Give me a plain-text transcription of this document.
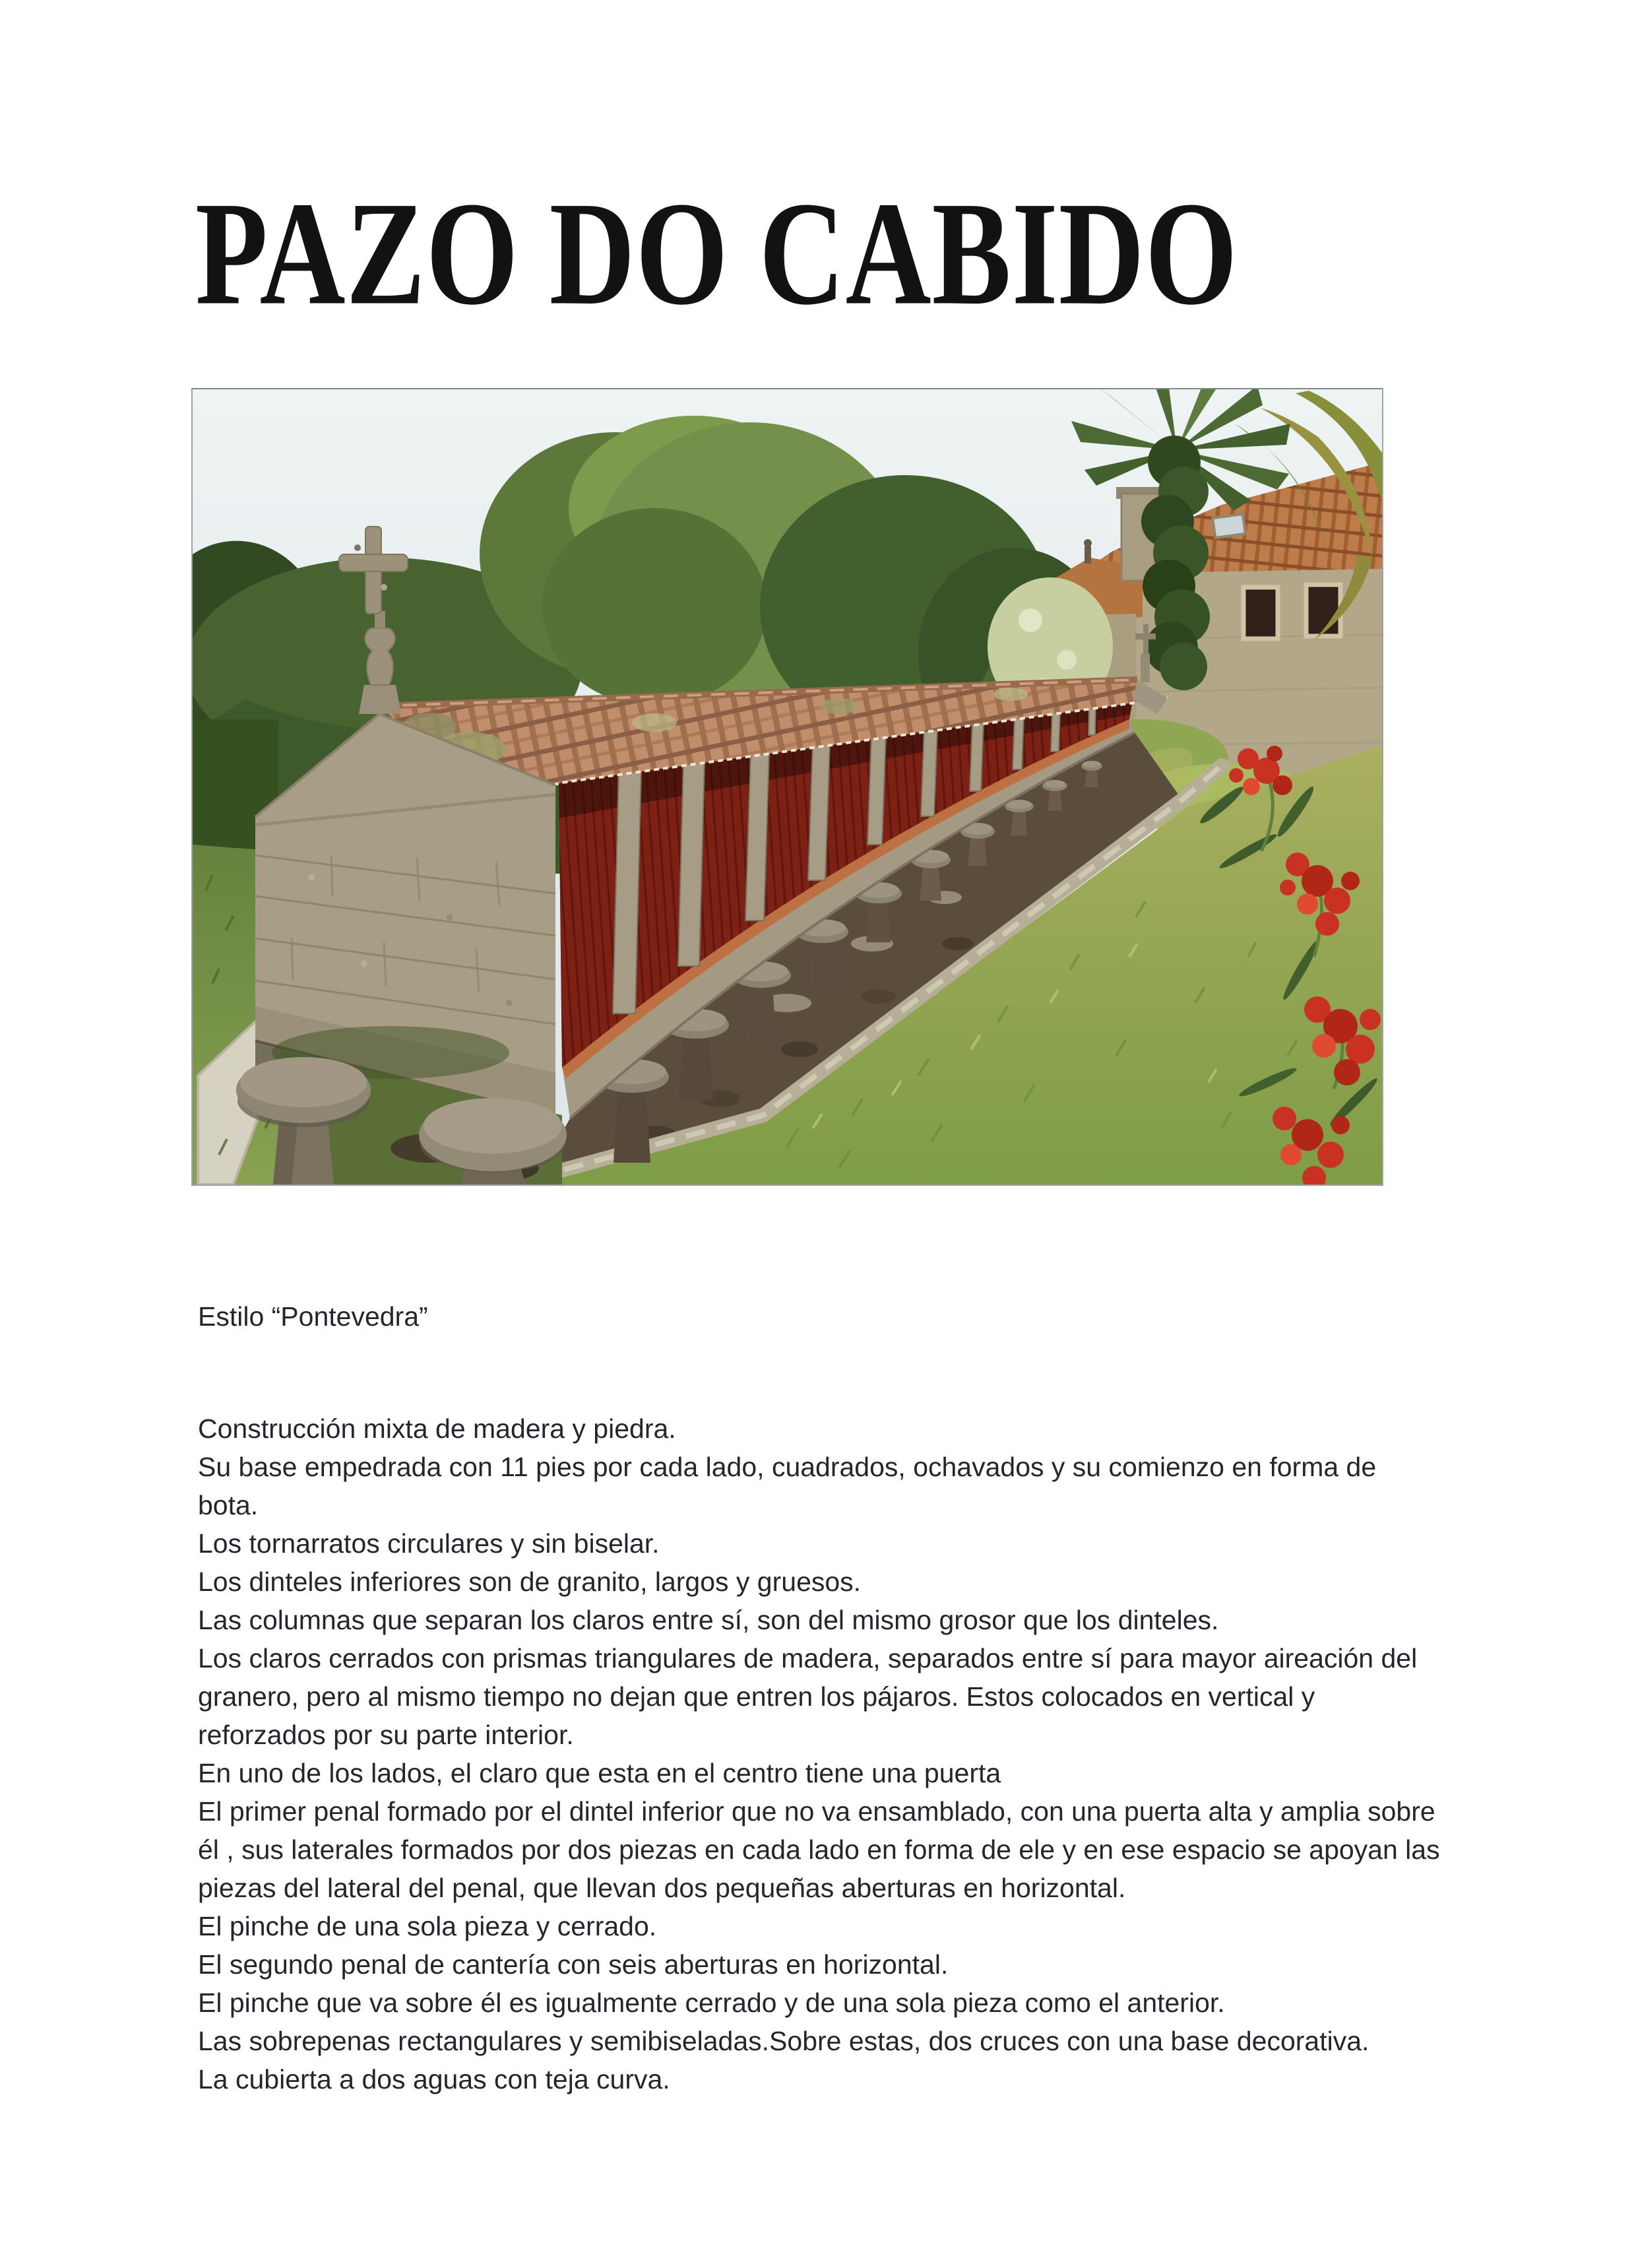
PAZO DO CABIDO

Estilo “Pontevedra”

Construcción mixta de madera y piedra.
Su base empedrada con 11 pies por cada lado, cuadrados, ochavados y su comienzo en forma de
bota.
Los tornarratos circulares y sin biselar.
Los dinteles inferiores son de granito, largos y gruesos.
Las columnas que separan los claros entre sí, son del mismo grosor que los dinteles.
Los claros cerrados con prismas triangulares de madera, separados entre sí para mayor aireación del
granero, pero al mismo tiempo no dejan que entren los pájaros. Estos colocados en vertical y
reforzados por su parte interior.
En uno de los lados, el claro que esta en el centro tiene una puerta
El primer penal formado por el dintel inferior que no va ensamblado, con una puerta alta y amplia sobre
él , sus laterales formados por dos piezas en cada lado en forma de ele y en ese espacio se apoyan las
piezas del lateral del penal, que llevan dos pequeñas aberturas en horizontal.
El pinche de una sola pieza y cerrado.
El segundo penal de cantería con seis aberturas en horizontal.
El pinche que va sobre él es igualmente cerrado y de una sola pieza como el anterior.
Las sobrepenas rectangulares y semibiseladas.Sobre estas, dos cruces con una base decorativa.
La cubierta a dos aguas con teja curva.
